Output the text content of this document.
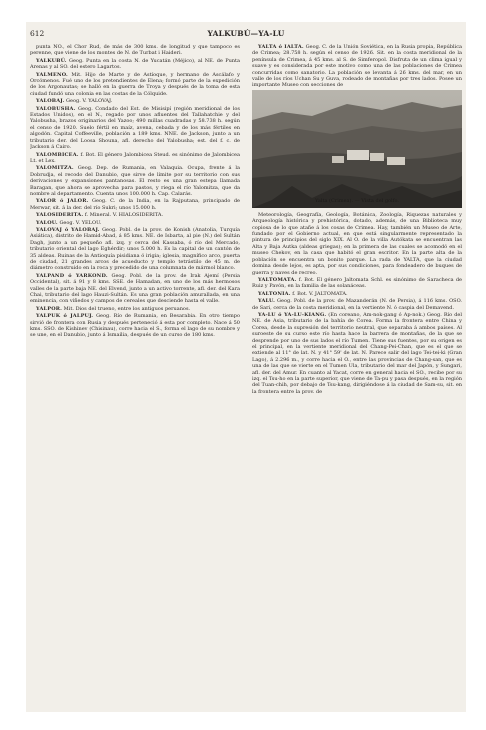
612	YALKUBÚ—YA-LU

punta NO., el Chor Rud, de más de 300 kms. de longitud y que tampoco es perenne, que viene de los montes de N. de Turbat i Haideri.

YALKUBÚ. Geog. Punta en la costa N. de Yucatán (Méjico), al NE. de Punta Arenas y al SO. del estero Lagartos.

YALMENO. Mit. Hijo de Marte y de Astíoque, y hermano de Ascálafo y Orcómenos. Fué uno de los pretendientes de Elena; formó parte de la expedición de los Argonautas; se halló en la guerra de Troya y después de la toma de esta ciudad fundó una colonia en las costas de la Cólquide.

YALOBAJ. Geog. V. YALOVAJ.

YALOBUSHA. Geog. Condado del Est. de Misisipí (región meridional de los Estados Unidos), en el N., regado por unos afluentes del Tallahatchie y del Yalobusha, brazos originarios del Yazoo; 490 millas cuadradas y 58.738 h. según el censo de 1920. Suelo fértil en maíz, avena, cebada y de los más fértiles en algodón. Capital Coffeeville, población a 189 kms. NNE. de Jackson, junto a un tributario der. del Loosa Shouna, afl. derecho del Yalobusha; est. del f. c. de Jackson á Cairo.

YALOMBICEA. f. Bot. El género Jalombicea Steud. es sinónimo de Jalombicea Lt. et Lex.

YALOMITZA. Geog. Dep. de Rumania, en Valaquia. Ocupa, frente á la Dobrudja, el recodo del Danubio, que sirve de límite por su territorio con sus derivaciones y expansiones pantanosas. El resto es una gran estepa llamada Baragan, que ahora se aprovecha para pastos, y riega el río Yalomitza, que da nombre al departamento. Cuenta unos 100.000 h. Cap. Calarás.

YALOR ó JALOR. Geog. C. de la India, en la Rajputana, principado de Merwar, sit. á la der. del río Sukri; unos 15.000 h.

YALOSIDERITA. f. Mineral. V. HIALOSIDERITA.

YALOU. Geog. V. YELOU.

YALOVAJ ó YALOBAJ. Geog. Pobl. de la prov. de Konish (Anatolia, Turquía Asiática), distrito de Hamid-Abad, á 85 kms. NE. de Isbarta, al pie (N.) del Sultán Dagh, junto a un pequeño afl. izq. y cerca del Kassaba, ó río del Mercado, tributario oriental del lago Eghérdir; unos 5.000 h. Es la capital de un cantón de 35 aldeas. Ruinas de la Antioquía pisidiana ó irigia; iglesia, magnífico arco, puerta de ciudad, 21 grandes arcos de acueducto y templo tetrástilo de 45 m. de diámetro construido en la roca y precedido de una columnata de mármol blanco.

YALPAND ó YARKOND. Geog. Pobl. de la prov. de Irak Ajemí (Persia Occidental), sit. á 91 y 8 kms. SSE. de Hamadan, en uno de los más hermosos valles de la parte baja NE. del Elvend, junto a un activo torrente, afl. der. del Kara Chai, tributario del lago Hauzi-Sultán. Es una gran población amurallada, en una eminencia, con viñedos y campos de cereales que desciende hasta el valle.

YALPOR. Mit. Dios del trueno, entre los antiguos peruanos.

YALPUK ó JALPUJ. Geog. Río de Rumania, en Besarabia. En otro tiempo sirvió de frontera con Rusia y después perteneció á esta por completo. Nace á 50 kms. SSO. de Kishinev (Chisinau), corre hacia el S., forma el lago de su nombre y se une, en el Danubio, junto á Ismailia, después de un curso de 180 kms.

YALTA ó IALTA. Geog. C. de la Unión Soviética, en la Rusia propia, República de Crimea; 28.758 h. según el censo de 1926. Sit. en la costa meridional de la península de Crimea, á 45 kms. al S. de Simferopol. Disfruta de un clima igual y suave y es considerada por este motivo como una de las poblaciones de Crimea concurridas como sanatorio. La población se levanta á 26 kms. del mar, en un valle de los ríos Uchan Su y Guva, rodeado de montañas por tres lados. Posee un importante Museo con secciones de

Yalta (Crimea). — Vista del golfo.

Meteorología, Geografía, Geología, Botánica, Zoología, Riquezas naturales y Arqueología histórica y prehistórica, dotado, además, de una Biblioteca muy copiosa de lo que atañe á los cosas de Crimea. Hay, también un Museo de Arte, fundado por el Gobierno actual, en que está singularmente representado la pintura de principios del siglo XIX. Al O. de la villa Autókata se encuentran las Alta y Baja Autka (aldeas griegas); en la primera de las cuales se acomodó en el museo Chekov, en la casa que habitó el gran escritor. En la parte alta de la población se encuentra un bonito parque. La rada de YALTA, que la ciudad domina desde lejos, es apta, por sus condiciones, para fondeadero de buques de guerra y naves de recreo.

YALTOMATA. f. Bot. El género Jaltomata Schl. es sinónimo de Saracheca de Ruiz y Pavón, en la familia de las solanáceas.

YALTONIA. f. Bot. V. JALTOMATA.

YALU. Geog. Pobl. de la prov. de Mazanderán (N. de Persia), á 116 kms. OSO. de Sari, cerca de la costa meridional, en la vertiente N. ó caspia del Demavend.

YA-LU ó YA-LU-KIANG. (En coreano, Am-nok-gang ó Ap-nok.) Geog. Río del NE. de Asia, tributario de la bahía de Corea. Forma la frontera entre China y Corea, desde la supresión del territorio neutral, que separaba á ambos países. Al suroeste de su curso este río hasta hace la barrera de montañas, de la que se desprende por uno de sus lados el río Tumen. Tiene sus fuentes, por su origen es el principal, en la vertiente meridional del Chang-Pei-Chan, que es el que se extiende al 11° de lat. N. y 41° 59' de lat. N. Parece salir del lago Tei-tei-ki (Gran Lago), á 2.296 m., y corre hacia el O., entre las provincias de Chang-san, que es una de las que se vierte en el Tumen Ula, tributario del mar del Japón, y Sungari, afl. der. del Amur. En cuanto al Yacat, corre en general hacia el SO., recibe por su izq. el Tsu-ho en la parte superior, que viene de Ta-pu y pasa después, en la región del Tuan-chih, por debajo de Tsu-kang, dirigiéndose á la ciudad de Sam-su, sit. en la frontera entre la prov. de
